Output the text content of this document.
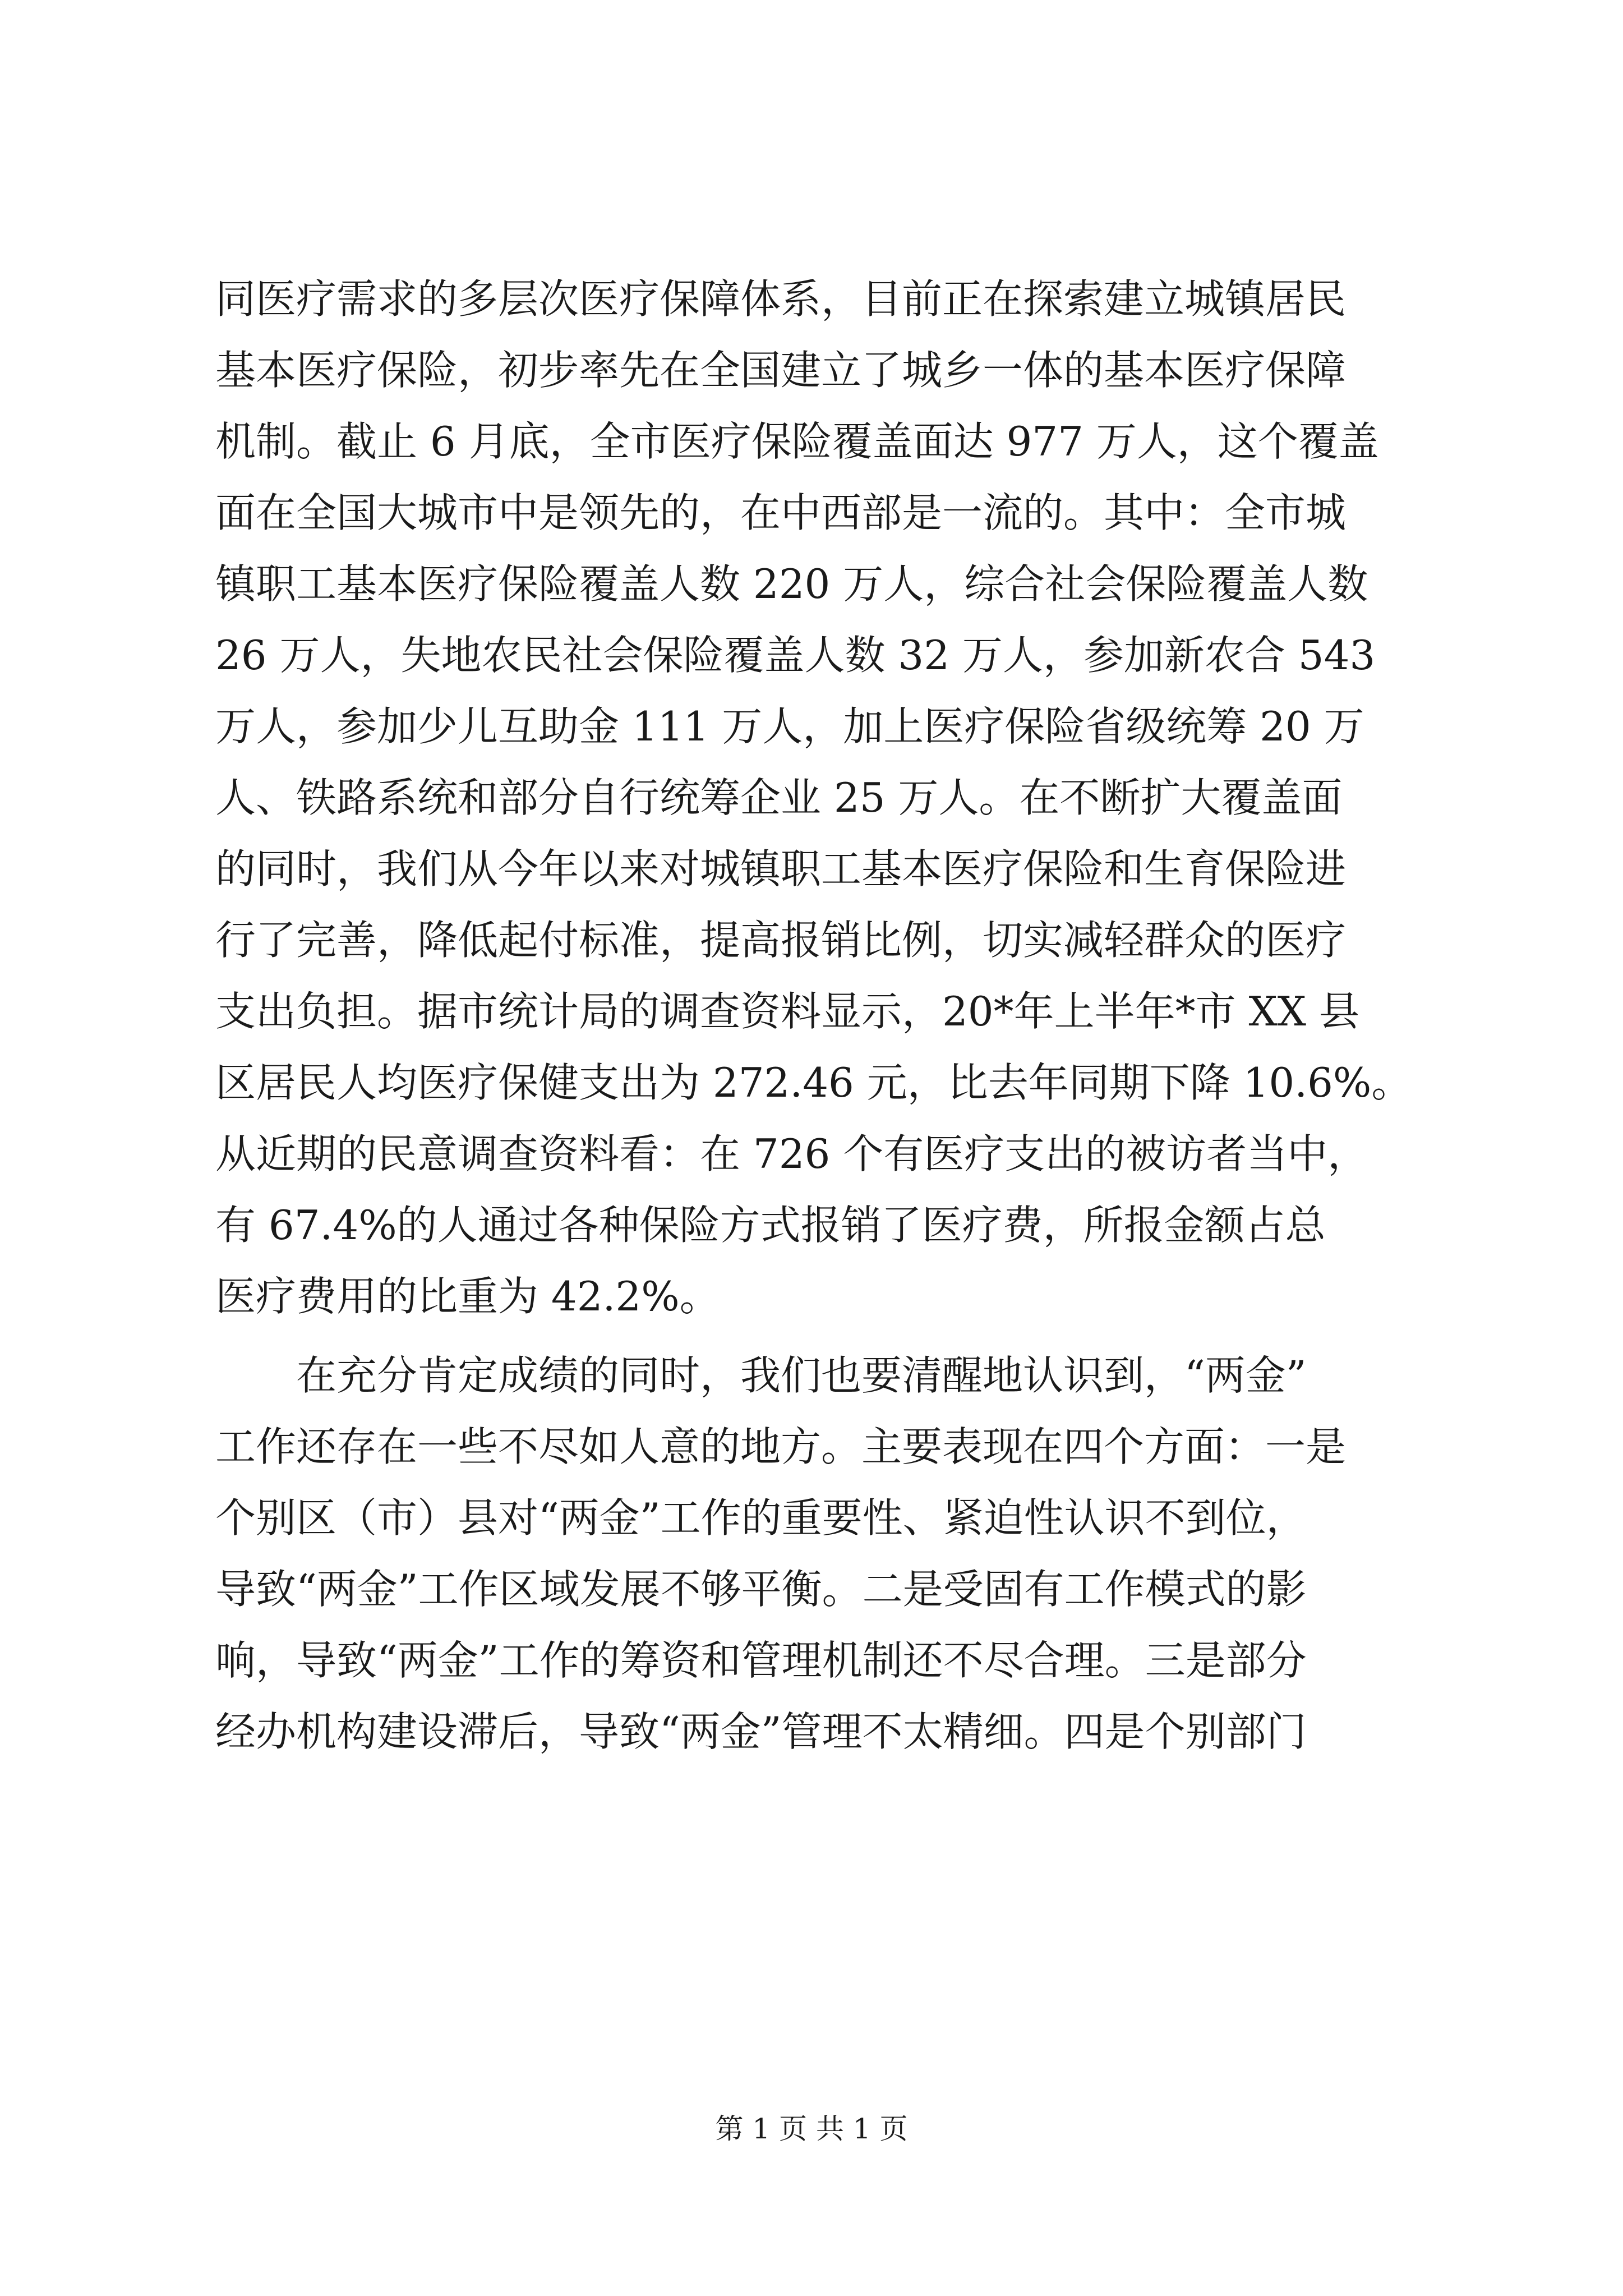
同医疗需求的多层次医疗保障体系，目前正在探索建立城镇居民
基本医疗保险，初步率先在全国建立了城乡一体的基本医疗保障
机制。截止 6 月底，全市医疗保险覆盖面达 977 万人，这个覆盖
面在全国大城市中是领先的，在中西部是一流的。其中：全市城
镇职工基本医疗保险覆盖人数 220 万人，综合社会保险覆盖人数
26 万人，失地农民社会保险覆盖人数 32 万人，参加新农合 543
万人，参加少儿互助金 111 万人，加上医疗保险省级统筹 20 万
人、铁路系统和部分自行统筹企业 25 万人。在不断扩大覆盖面
的同时，我们从今年以来对城镇职工基本医疗保险和生育保险进
行了完善，降低起付标准，提高报销比例，切实减轻群众的医疗
支出负担。据市统计局的调查资料显示，20*年上半年*市 XX 县
区居民人均医疗保健支出为 272.46 元，比去年同期下降 10.6%。
从近期的民意调查资料看：在 726 个有医疗支出的被访者当中，
有 67.4%的人通过各种保险方式报销了医疗费，所报金额占总
医疗费用的比重为 42.2%。
在充分肯定成绩的同时，我们也要清醒地认识到，“两金”
工作还存在一些不尽如人意的地方。主要表现在四个方面：一是
个别区（市）县对“两金”工作的重要性、紧迫性认识不到位，
导致“两金”工作区域发展不够平衡。二是受固有工作模式的影
响，导致“两金”工作的筹资和管理机制还不尽合理。三是部分
经办机构建设滞后，导致“两金”管理不太精细。四是个别部门
第 1 页 共 1 页
